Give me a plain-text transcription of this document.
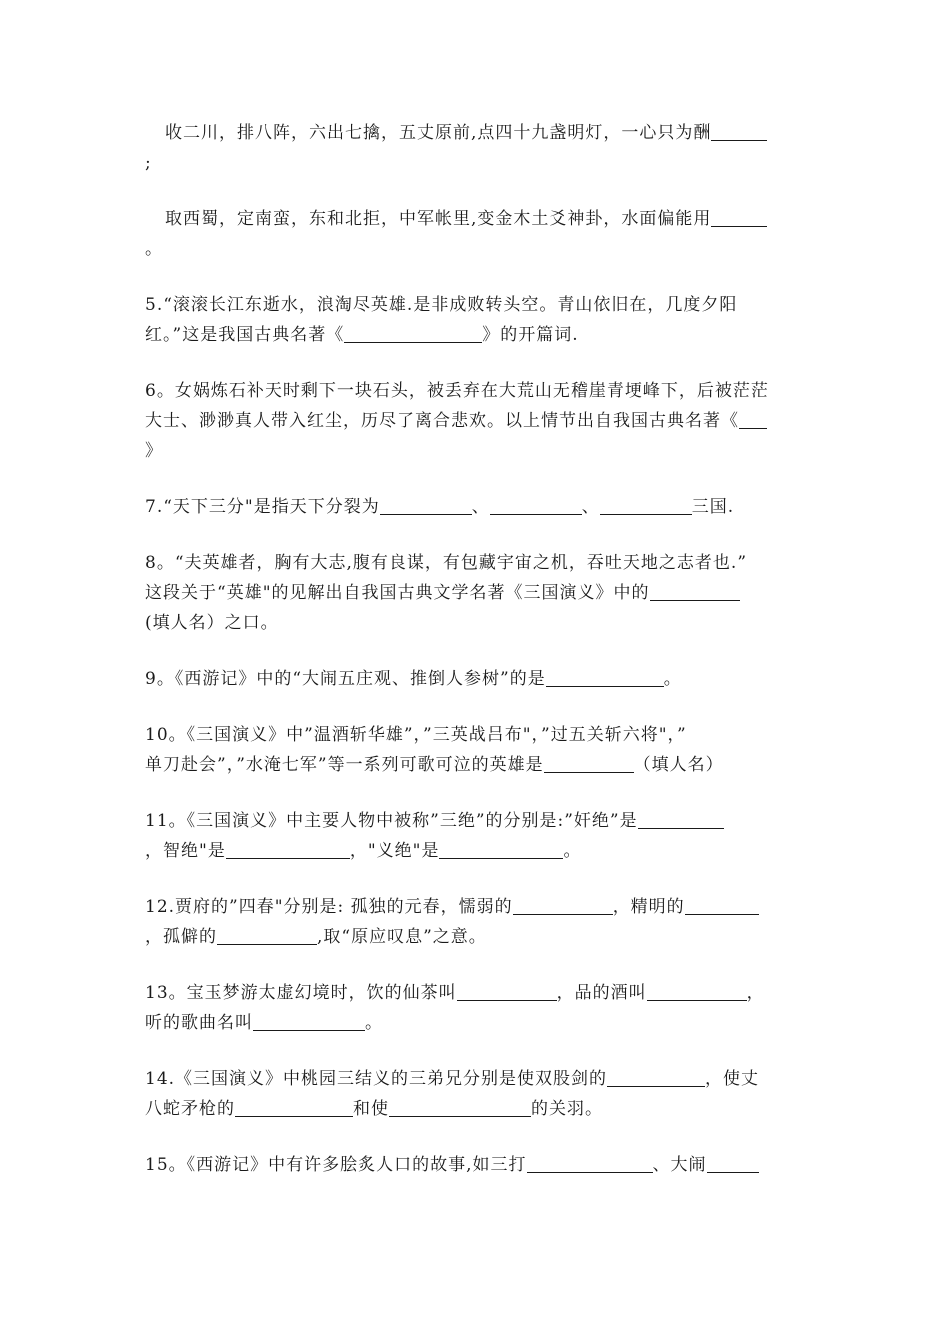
收二川，排八阵，六出七擒，五丈原前,点四十九盏明灯，一心只为酬
;
取西蜀，定南蛮，东和北拒，中军帐里,变金木土爻神卦，水面偏能用
。
5.“滚滚长江东逝水，浪淘尽英雄.是非成败转头空。青山依旧在，几度夕阳
红。”这是我国古典名著《	》的开篇词.
6。女娲炼石补天时剩下一块石头，被丢弃在大荒山无稽崖青埂峰下，后被茫茫
大士、渺渺真人带入红尘，历尽了离合悲欢。以上情节出自我国古典名著《
》
7.“天下三分"是指天下分裂为	、	、	三国.
8。“夫英雄者，胸有大志,腹有良谋，有包藏宇宙之机，吞吐天地之志者也.”
这段关于“英雄"的见解出自我国古典文学名著《三国演义》中的
(填人名）之口。
9。《西游记》中的“大闹五庄观、推倒人参树”的是	。
10。《三国演义》中”温酒斩华雄”，”三英战吕布"，”过五关斩六将"，”
单刀赴会”，”水淹七军”等一系列可歌可泣的英雄是	（填人名）
11。《三国演义》中主要人物中被称”三绝”的分别是:”奸绝”是
，智绝"是	，"义绝"是	。
12.贾府的”四春"分别是: 孤独的元春，懦弱的	，精明的
，孤僻的	,取“原应叹息”之意。
13。宝玉梦游太虚幻境时，饮的仙茶叫	，品的酒叫	，
听的歌曲名叫	。
14.《三国演义》中桃园三结义的三弟兄分别是使双股剑的	，使丈
八蛇矛枪的	和使	的关羽。
15。《西游记》中有许多脍炙人口的故事,如三打	、大闹
